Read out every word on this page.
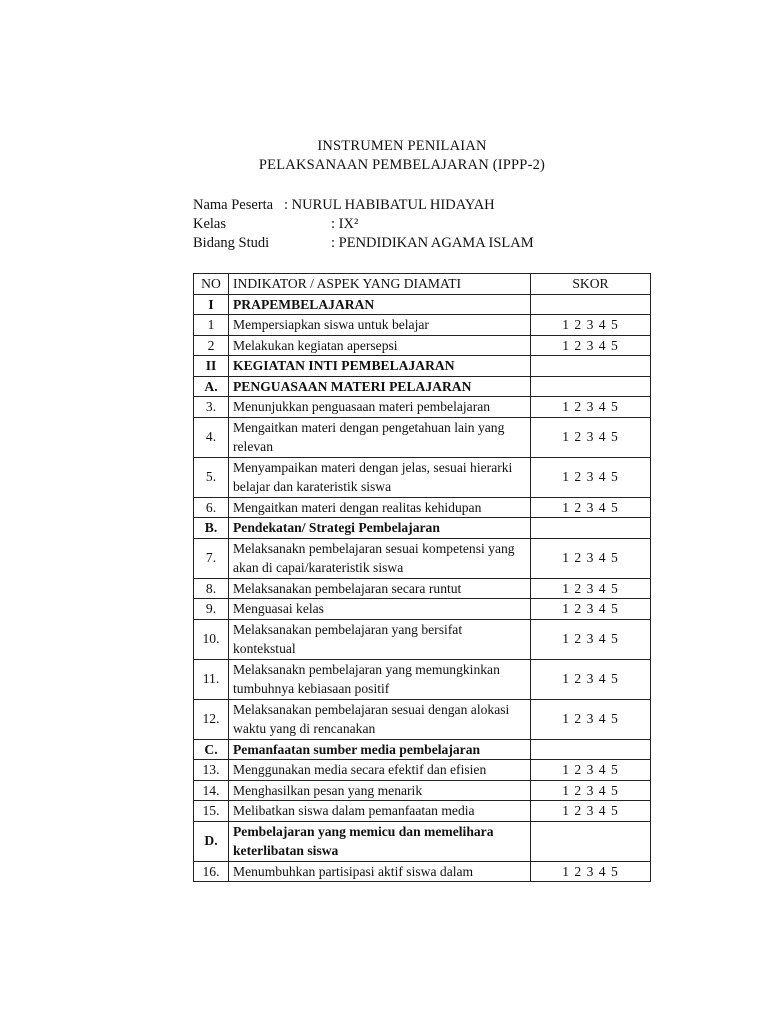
INSTRUMEN PENILAIAN
PELAKSANAAN PEMBELAJARAN (IPPP-2)
Nama Peserta : NURUL HABIBATUL HIDAYAH
Kelas	: IX²
Bidang Studi	: PENDIDIKAN AGAMA ISLAM
NO	INDIKATOR / ASPEK YANG DIAMATI	SKOR
I	PRAPEMBELAJARAN	
1	Mempersiapkan siswa untuk belajar	1 2 3 4 5
2	Melakukan kegiatan apersepsi	1 2 3 4 5
II	KEGIATAN INTI PEMBELAJARAN	
A.	PENGUASAAN MATERI PELAJARAN	
3.	Menunjukkan penguasaan materi pembelajaran	1 2 3 4 5
4.	Mengaitkan materi dengan pengetahuan lain yang relevan	1 2 3 4 5
5.	Menyampaikan materi dengan jelas, sesuai hierarki belajar dan karateristik siswa	1 2 3 4 5
6.	Mengaitkan materi dengan realitas kehidupan	1 2 3 4 5
B.	Pendekatan/ Strategi Pembelajaran	
7.	Melaksanakn pembelajaran sesuai kompetensi yang akan di capai/karateristik siswa	1 2 3 4 5
8.	Melaksanakan pembelajaran secara runtut	1 2 3 4 5
9.	Menguasai kelas	1 2 3 4 5
10.	Melaksanakan pembelajaran yang bersifat kontekstual	1 2 3 4 5
11.	Melaksanakn pembelajaran yang memungkinkan tumbuhnya kebiasaan positif	1 2 3 4 5
12.	Melaksanakan pembelajaran sesuai dengan alokasi waktu yang di rencanakan	1 2 3 4 5
C.	Pemanfaatan sumber media pembelajaran	
13.	Menggunakan media secara efektif dan efisien	1 2 3 4 5
14.	Menghasilkan pesan yang menarik	1 2 3 4 5
15.	Melibatkan siswa dalam pemanfaatan media	1 2 3 4 5
D.	Pembelajaran yang memicu dan memelihara keterlibatan siswa	
16.	Menumbuhkan partisipasi aktif siswa dalam	1 2 3 4 5
